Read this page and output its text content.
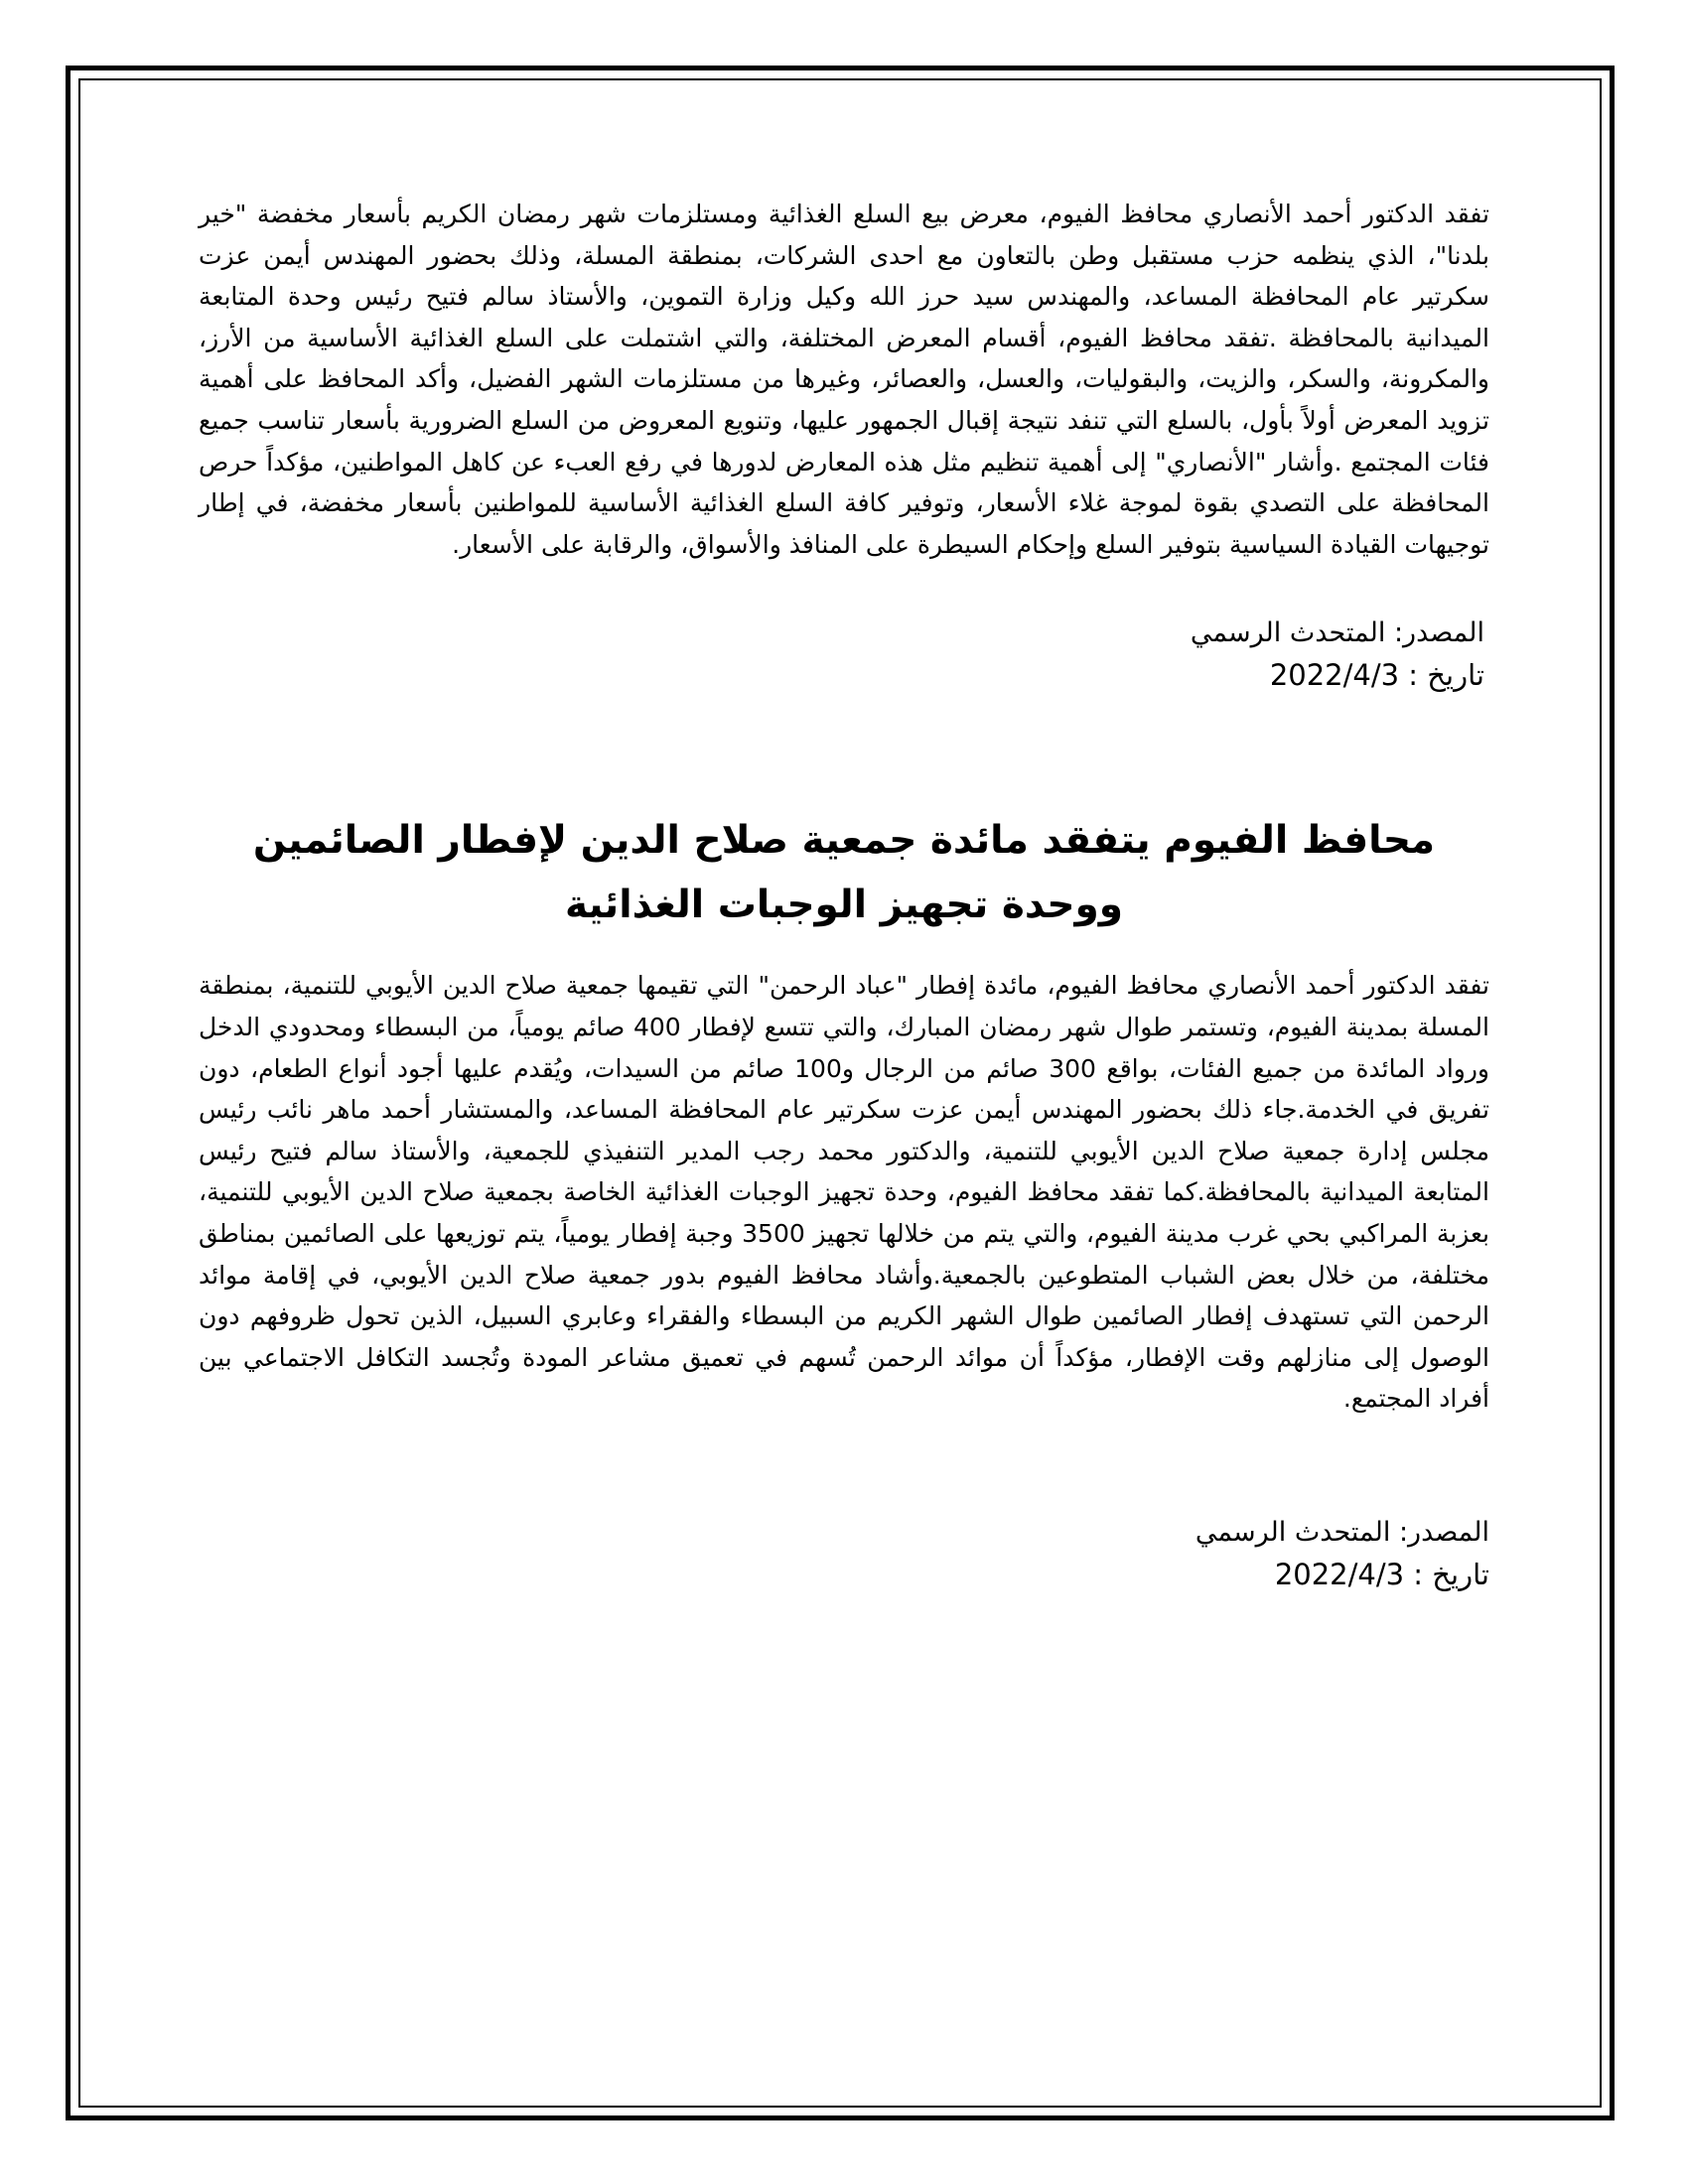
تفقد الدكتور أحمد الأنصاري محافظ الفيوم، معرض بيع السلع الغذائية ومستلزمات شهر رمضان الكريم بأسعار مخفضة "خير بلدنا"، الذي ينظمه حزب مستقبل وطن بالتعاون مع احدى الشركات، بمنطقة المسلة، وذلك بحضور المهندس أيمن عزت سكرتير عام المحافظة المساعد، والمهندس سيد حرز الله وكيل وزارة التموين، والأستاذ سالم فتيح رئيس وحدة المتابعة الميدانية بالمحافظة .تفقد محافظ الفيوم، أقسام المعرض المختلفة، والتي اشتملت على السلع الغذائية الأساسية من الأرز، والمكرونة، والسكر، والزيت، والبقوليات، والعسل، والعصائر، وغيرها من مستلزمات الشهر الفضيل، وأكد المحافظ على أهمية تزويد المعرض أولاً بأول، بالسلع التي تنفد نتيجة إقبال الجمهور عليها، وتنويع المعروض من السلع الضرورية بأسعار تناسب جميع فئات المجتمع .وأشار "الأنصاري" إلى أهمية تنظيم مثل هذه المعارض لدورها في رفع العبء عن كاهل المواطنين، مؤكداً حرص المحافظة على التصدي بقوة لموجة غلاء الأسعار، وتوفير كافة السلع الغذائية الأساسية للمواطنين بأسعار مخفضة، في إطار توجيهات القيادة السياسية بتوفير السلع وإحكام السيطرة على المنافذ والأسواق، والرقابة على الأسعار.

المصدر: المتحدث الرسمي

تاريخ : 2022/4/3

محافظ الفيوم يتفقد مائدة جمعية صلاح الدين لإفطار الصائمين ووحدة تجهيز الوجبات الغذائية

تفقد الدكتور أحمد الأنصاري محافظ الفيوم، مائدة إفطار "عباد الرحمن" التي تقيمها جمعية صلاح الدين الأيوبي للتنمية، بمنطقة المسلة بمدينة الفيوم، وتستمر طوال شهر رمضان المبارك، والتي تتسع لإفطار 400 صائم يومياً، من البسطاء ومحدودي الدخل ورواد المائدة من جميع الفئات، بواقع 300 صائم من الرجال و100 صائم من السيدات، ويُقدم عليها أجود أنواع الطعام، دون تفريق في الخدمة.جاء ذلك بحضور المهندس أيمن عزت سكرتير عام المحافظة المساعد، والمستشار أحمد ماهر نائب رئيس مجلس إدارة جمعية صلاح الدين الأيوبي للتنمية، والدكتور محمد رجب المدير التنفيذي للجمعية، والأستاذ سالم فتيح رئيس المتابعة الميدانية بالمحافظة.كما تفقد محافظ الفيوم، وحدة تجهيز الوجبات الغذائية الخاصة بجمعية صلاح الدين الأيوبي للتنمية، بعزبة المراكبي بحي غرب مدينة الفيوم، والتي يتم من خلالها تجهيز 3500 وجبة إفطار يومياً، يتم توزيعها على الصائمين بمناطق مختلفة، من خلال بعض الشباب المتطوعين بالجمعية.وأشاد محافظ الفيوم بدور جمعية صلاح الدين الأيوبي، في إقامة موائد الرحمن التي تستهدف إفطار الصائمين طوال الشهر الكريم من البسطاء والفقراء وعابري السبيل، الذين تحول ظروفهم دون الوصول إلى منازلهم وقت الإفطار، مؤكداً أن موائد الرحمن تُسهم في تعميق مشاعر المودة وتُجسد التكافل الاجتماعي بين أفراد المجتمع.

المصدر: المتحدث الرسمي

تاريخ : 2022/4/3
